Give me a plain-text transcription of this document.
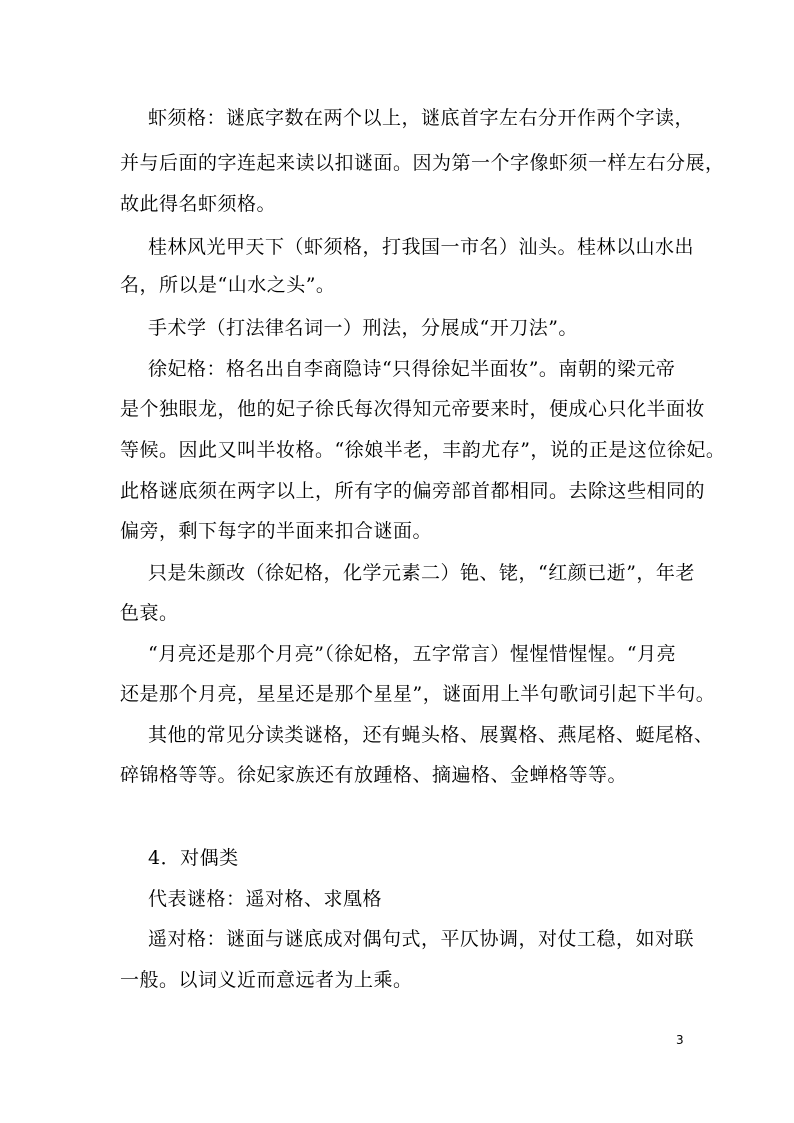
虾须格：谜底字数在两个以上，谜底首字左右分开作两个字读，
并与后面的字连起来读以扣谜面。因为第一个字像虾须一样左右分展，
故此得名虾须格。
桂林风光甲天下（虾须格，打我国一市名）汕头。桂林以山水出
名，所以是“山水之头”。
手术学（打法律名词一）刑法，分展成“开刀法”。
徐妃格：格名出自李商隐诗“只得徐妃半面妆”。南朝的梁元帝
是个独眼龙，他的妃子徐氏每次得知元帝要来时，便成心只化半面妆
等候。因此又叫半妆格。“徐娘半老，丰韵尤存”，说的正是这位徐妃。
此格谜底须在两字以上，所有字的偏旁部首都相同。去除这些相同的
偏旁，剩下每字的半面来扣合谜面。
只是朱颜改（徐妃格，化学元素二）铯、铑，“红颜已逝”，年老
色衰。
“月亮还是那个月亮”（徐妃格，五字常言）惺惺惜惺惺。“月亮
还是那个月亮，星星还是那个星星”，谜面用上半句歌词引起下半句。
其他的常见分读类谜格，还有蝇头格、展翼格、燕尾格、蜓尾格、
碎锦格等等。徐妃家族还有放踵格、摘遍格、金蝉格等等。
4．对偶类
代表谜格：遥对格、求凰格
遥对格：谜面与谜底成对偶句式，平仄协调，对仗工稳，如对联
一般。以词义近而意远者为上乘。
3
